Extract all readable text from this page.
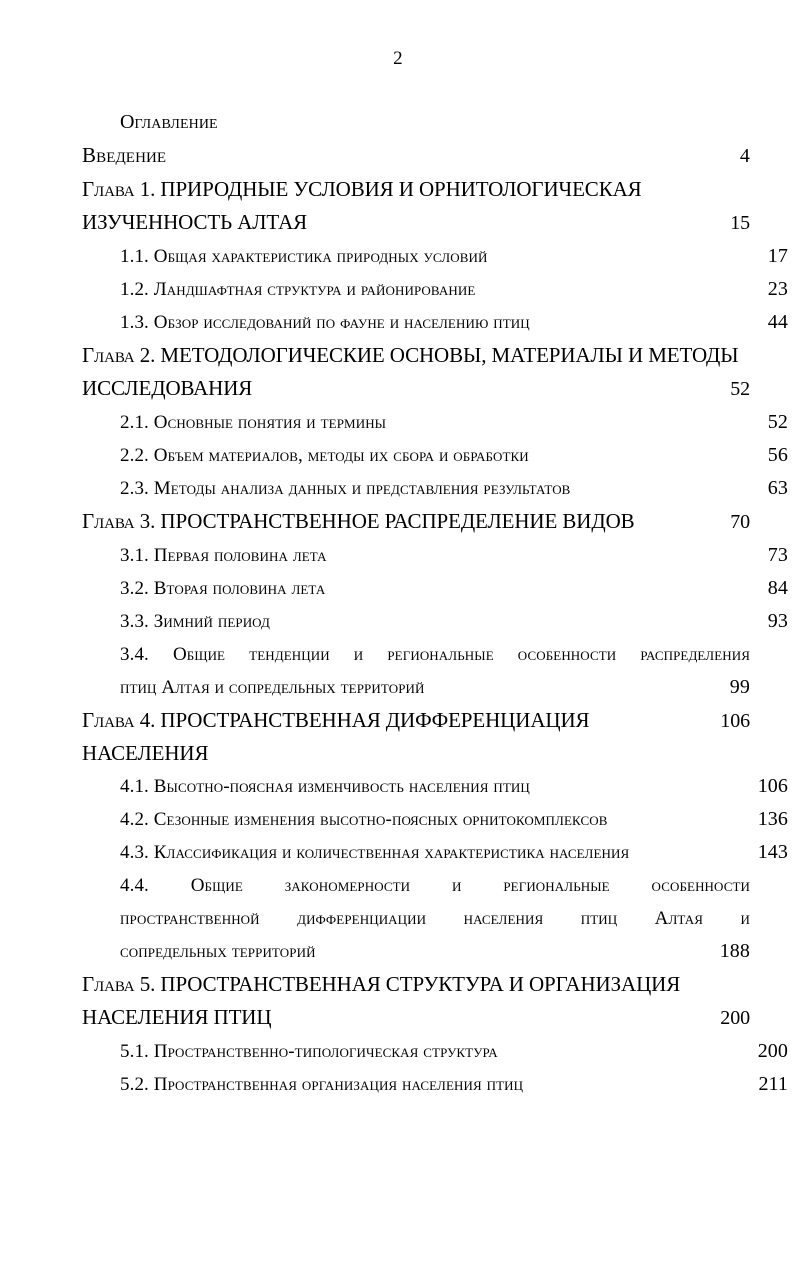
2
Оглавление
Введение	4
Глава 1. ПРИРОДНЫЕ УСЛОВИЯ И ОРНИТОЛОГИЧЕСКАЯ
ИЗУЧЕННОСТЬ АЛТАЯ	15
1.1. Общая характеристика природных условий	17
1.2. Ландшафтная структура и районирование	23
1.3. Обзор исследований по фауне и населению птиц	44
Глава 2. МЕТОДОЛОГИЧЕСКИЕ ОСНОВЫ, МАТЕРИАЛЫ И МЕТОДЫ
ИССЛЕДОВАНИЯ	52
2.1. Основные понятия и термины	52
2.2. Объем материалов, методы их сбора и обработки	56
2.3. Методы анализа данных и представления результатов	63
Глава 3. ПРОСТРАНСТВЕННОЕ РАСПРЕДЕЛЕНИЕ ВИДОВ	70
3.1. Первая половина лета	73
3.2. Вторая половина лета	84
3.3. Зимний период	93
3.4. Общие тенденции и региональные особенности распределения
птиц Алтая и сопредельных территорий	99
Глава 4. ПРОСТРАНСТВЕННАЯ ДИФФЕРЕНЦИАЦИЯ НАСЕЛЕНИЯ
106
4.1. Высотно-поясная изменчивость населения птиц	106
4.2. Сезонные изменения высотно-поясных орнитокомплексов	136
4.3. Классификация и количественная характеристика населения	143
4.4. Общие закономерности и региональные особенности
пространственной дифференциации населения птиц Алтая и
сопредельных территорий	188
Глава 5. ПРОСТРАНСТВЕННАЯ СТРУКТУРА И ОРГАНИЗАЦИЯ
НАСЕЛЕНИЯ ПТИЦ	200
5.1. Пространственно-типологическая структура	200
5.2. Пространственная организация населения птиц	211
